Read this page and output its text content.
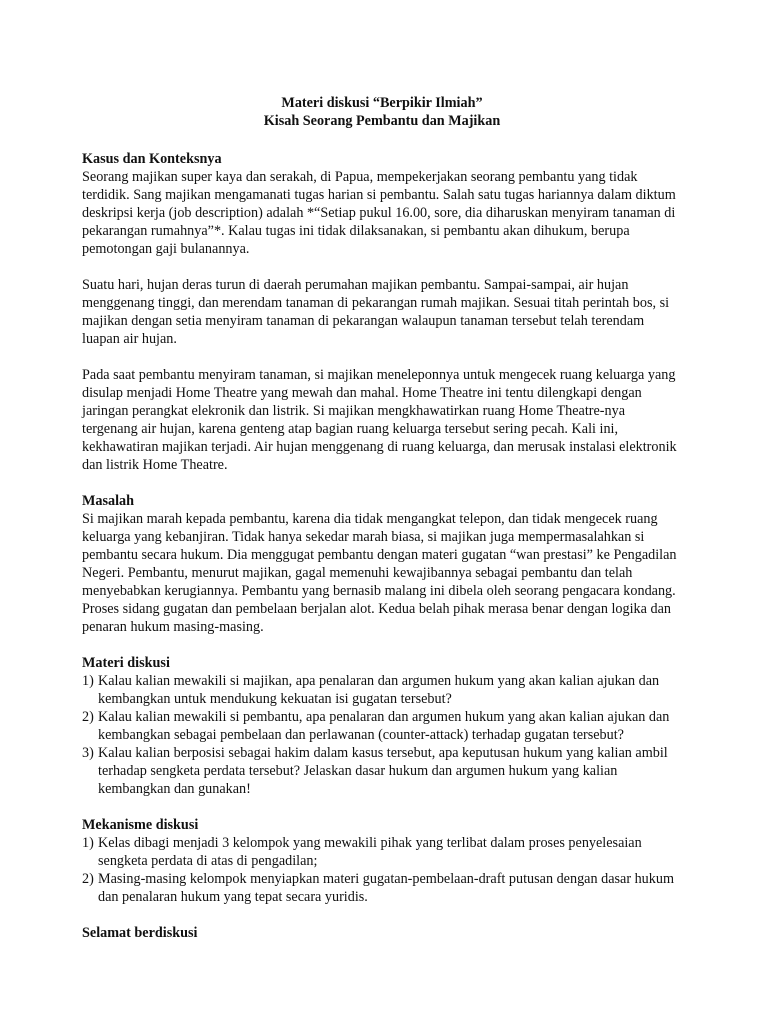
Materi diskusi “Berpikir Ilmiah”
Kisah Seorang Pembantu dan Majikan

Kasus dan Konteksnya

Seorang majikan super kaya dan serakah, di Papua, mempekerjakan seorang pembantu yang tidak terdidik. Sang majikan mengamanati tugas harian si pembantu. Salah satu tugas hariannya dalam diktum deskripsi kerja (job description) adalah *“Setiap pukul 16.00, sore, dia diharuskan menyiram tanaman di pekarangan rumahnya”*. Kalau tugas ini tidak dilaksanakan, si pembantu akan dihukum, berupa pemotongan gaji bulanannya.

Suatu hari, hujan deras turun di daerah perumahan majikan pembantu. Sampai-sampai, air hujan menggenang tinggi, dan merendam tanaman di pekarangan rumah majikan. Sesuai titah perintah bos, si majikan dengan setia menyiram tanaman di pekarangan walaupun tanaman tersebut telah terendam luapan air hujan.

Pada saat pembantu menyiram tanaman, si majikan meneleponnya untuk mengecek ruang keluarga yang disulap menjadi Home Theatre yang mewah dan mahal. Home Theatre ini tentu dilengkapi dengan jaringan perangkat elekronik dan listrik. Si majikan mengkhawatirkan ruang Home Theatre-nya tergenang air hujan, karena genteng atap bagian ruang keluarga tersebut sering pecah. Kali ini, kekhawatiran majikan terjadi. Air hujan menggenang di ruang keluarga, dan merusak instalasi elektronik dan listrik Home Theatre.

Masalah

Si majikan marah kepada pembantu, karena dia tidak mengangkat telepon, dan tidak mengecek ruang keluarga yang kebanjiran. Tidak hanya sekedar marah biasa, si majikan juga mempermasalahkan si pembantu secara hukum. Dia menggugat pembantu dengan materi gugatan “wan prestasi” ke Pengadilan Negeri. Pembantu, menurut majikan, gagal memenuhi kewajibannya sebagai pembantu dan telah menyebabkan kerugiannya. Pembantu yang bernasib malang ini dibela oleh seorang pengacara kondang. Proses sidang gugatan dan pembelaan berjalan alot. Kedua belah pihak merasa benar dengan logika dan penaran hukum masing-masing.

Materi diskusi

1) Kalau kalian mewakili si majikan, apa penalaran dan argumen hukum yang akan kalian ajukan dan kembangkan untuk mendukung kekuatan isi gugatan tersebut?
2) Kalau kalian mewakili si pembantu, apa penalaran dan argumen hukum yang akan kalian ajukan dan kembangkan sebagai pembelaan dan perlawanan (counter-attack) terhadap gugatan tersebut?
3) Kalau kalian berposisi sebagai hakim dalam kasus tersebut, apa keputusan hukum yang kalian ambil terhadap sengketa perdata tersebut? Jelaskan dasar hukum dan argumen hukum yang kalian kembangkan dan gunakan!

Mekanisme diskusi

1) Kelas dibagi menjadi 3 kelompok yang mewakili pihak yang terlibat dalam proses penyelesaian sengketa perdata di atas di pengadilan;
2) Masing-masing kelompok menyiapkan materi gugatan-pembelaan-draft putusan dengan dasar hukum dan penalaran hukum yang tepat secara yuridis.

Selamat berdiskusi
